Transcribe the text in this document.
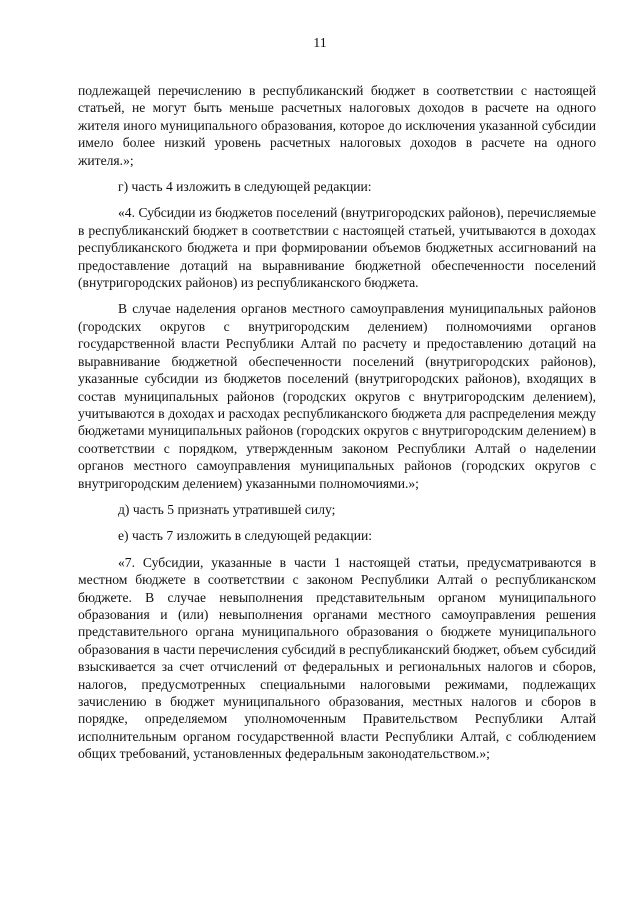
11

подлежащей перечислению в республиканский бюджет в соответствии с настоящей статьей, не могут быть меньше расчетных налоговых доходов в расчете на одного жителя иного муниципального образования, которое до исключения указанной субсидии имело более низкий уровень расчетных налоговых доходов в расчете на одного жителя.»;

г) часть 4 изложить в следующей редакции:

«4. Субсидии из бюджетов поселений (внутригородских районов), перечисляемые в республиканский бюджет в соответствии с настоящей статьей, учитываются в доходах республиканского бюджета и при формировании объемов бюджетных ассигнований на предоставление дотаций на выравнивание бюджетной обеспеченности поселений (внутригородских районов) из республиканского бюджета.

В случае наделения органов местного самоуправления муниципальных районов (городских округов с внутригородским делением) полномочиями органов государственной власти Республики Алтай по расчету и предоставлению дотаций на выравнивание бюджетной обеспеченности поселений (внутригородских районов), указанные субсидии из бюджетов поселений (внутригородских районов), входящих в состав муниципальных районов (городских округов с внутригородским делением), учитываются в доходах и расходах республиканского бюджета для распределения между бюджетами муниципальных районов (городских округов с внутригородским делением) в соответствии с порядком, утвержденным законом Республики Алтай о наделении органов местного самоуправления муниципальных районов (городских округов с внутригородским делением) указанными полномочиями.»;

д) часть 5 признать утратившей силу;

е) часть 7 изложить в следующей редакции:

«7. Субсидии, указанные в части 1 настоящей статьи, предусматриваются в местном бюджете в соответствии с законом Республики Алтай о республиканском бюджете. В случае невыполнения представительным органом муниципального образования и (или) невыполнения органами местного самоуправления решения представительного органа муниципального образования о бюджете муниципального образования в части перечисления субсидий в республиканский бюджет, объем субсидий взыскивается за счет отчислений от федеральных и региональных налогов и сборов, налогов, предусмотренных специальными налоговыми режимами, подлежащих зачислению в бюджет муниципального образования, местных налогов и сборов в порядке, определяемом уполномоченным Правительством Республики Алтай исполнительным органом государственной власти Республики Алтай, с соблюдением общих требований, установленных федеральным законодательством.»;
